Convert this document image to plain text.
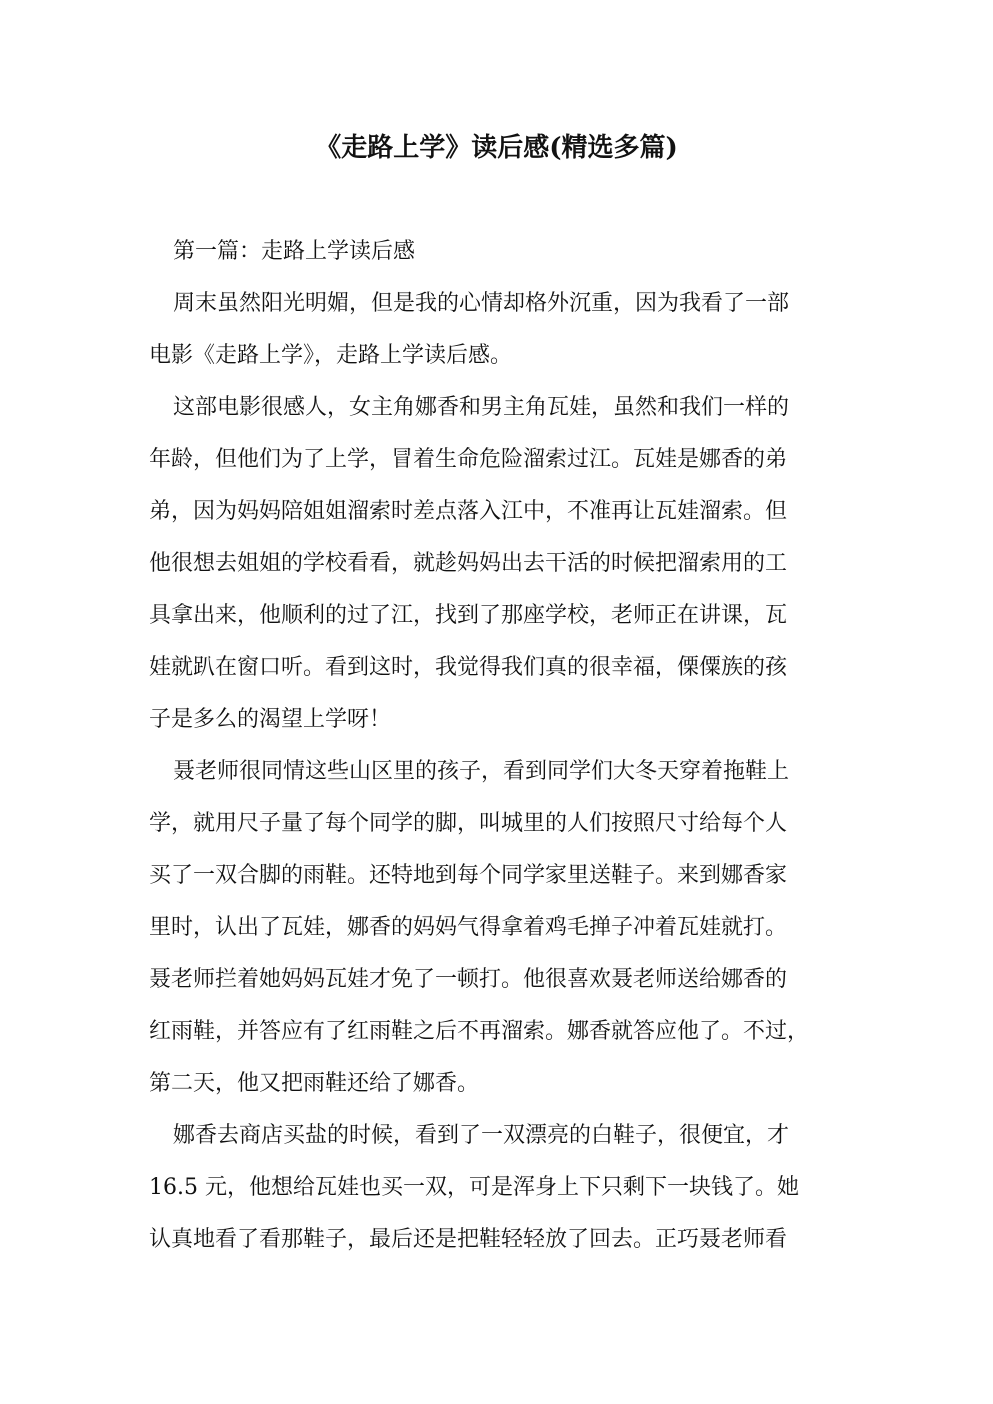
《走路上学》读后感(精选多篇)

第一篇：走路上学读后感

周末虽然阳光明媚，但是我的心情却格外沉重，因为我看了一部

电影《走路上学》，走路上学读后感。

这部电影很感人，女主角娜香和男主角瓦娃，虽然和我们一样的

年龄，但他们为了上学，冒着生命危险溜索过江。瓦娃是娜香的弟

弟，因为妈妈陪姐姐溜索时差点落入江中，不准再让瓦娃溜索。但

他很想去姐姐的学校看看，就趁妈妈出去干活的时候把溜索用的工

具拿出来，他顺利的过了江，找到了那座学校，老师正在讲课，瓦

娃就趴在窗口听。看到这时，我觉得我们真的很幸福，傈僳族的孩

子是多么的渴望上学呀！

聂老师很同情这些山区里的孩子，看到同学们大冬天穿着拖鞋上

学，就用尺子量了每个同学的脚，叫城里的人们按照尺寸给每个人

买了一双合脚的雨鞋。还特地到每个同学家里送鞋子。来到娜香家

里时，认出了瓦娃，娜香的妈妈气得拿着鸡毛掸子冲着瓦娃就打。

聂老师拦着她妈妈瓦娃才免了一顿打。他很喜欢聂老师送给娜香的

红雨鞋，并答应有了红雨鞋之后不再溜索。娜香就答应他了。不过，

第二天，他又把雨鞋还给了娜香。

娜香去商店买盐的时候，看到了一双漂亮的白鞋子，很便宜，才

16.5 元，他想给瓦娃也买一双，可是浑身上下只剩下一块钱了。她

认真地看了看那鞋子，最后还是把鞋轻轻放了回去。正巧聂老师看
